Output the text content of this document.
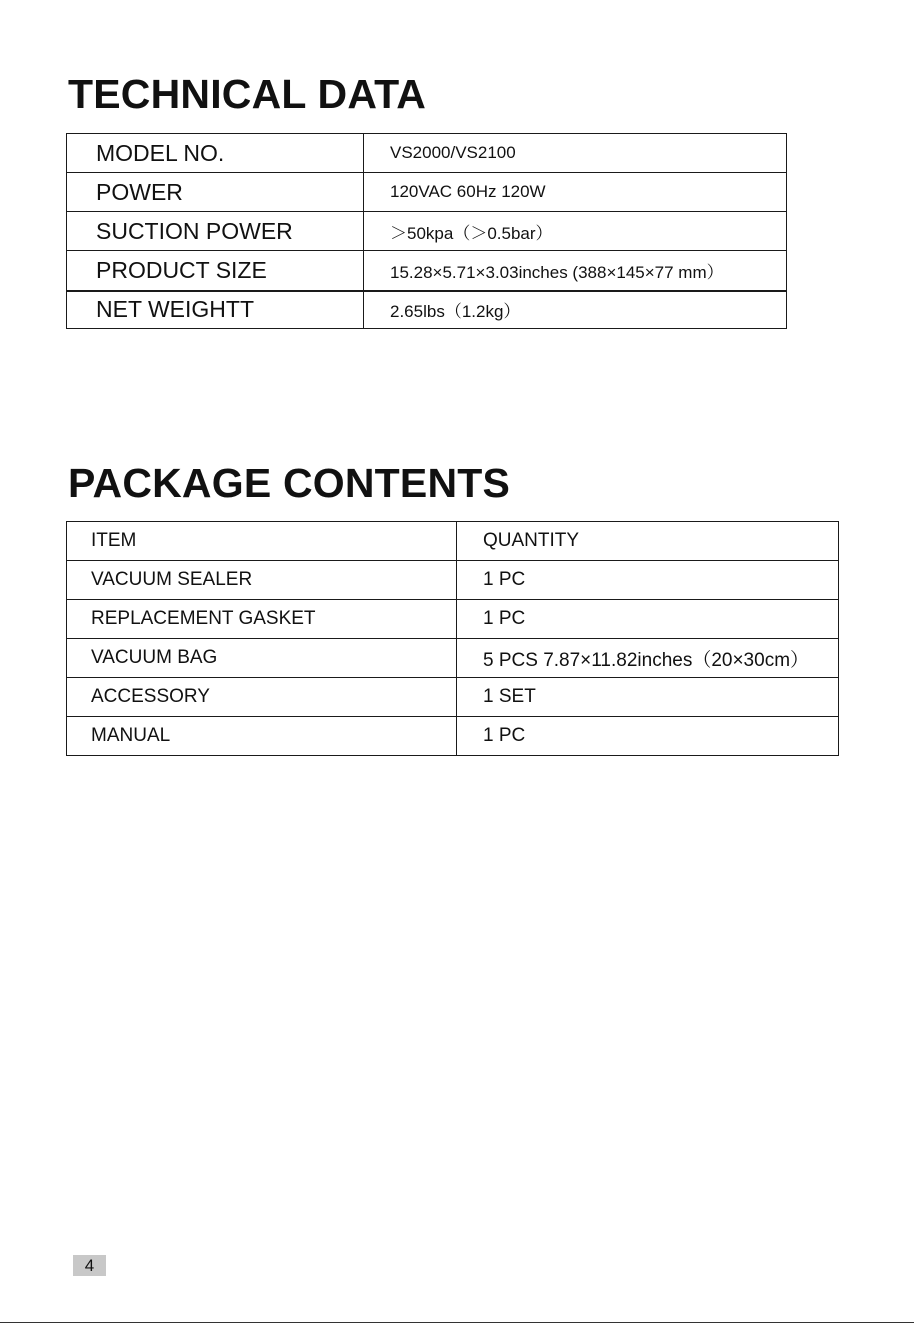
TECHNICAL DATA
MODEL NO.	VS2000/VS2100
POWER	120VAC 60Hz 120W
SUCTION POWER	＞50kpa（＞0.5bar）
PRODUCT SIZE	15.28×5.71×3.03inches (388×145×77 mm）
NET WEIGHTT	2.65lbs（1.2kg）
PACKAGE CONTENTS
ITEM	QUANTITY
VACUUM SEALER	1 PC
REPLACEMENT GASKET	1 PC
VACUUM BAG	5 PCS 7.87×11.82inches（20×30cm）
ACCESSORY	1 SET
MANUAL	1 PC
4
